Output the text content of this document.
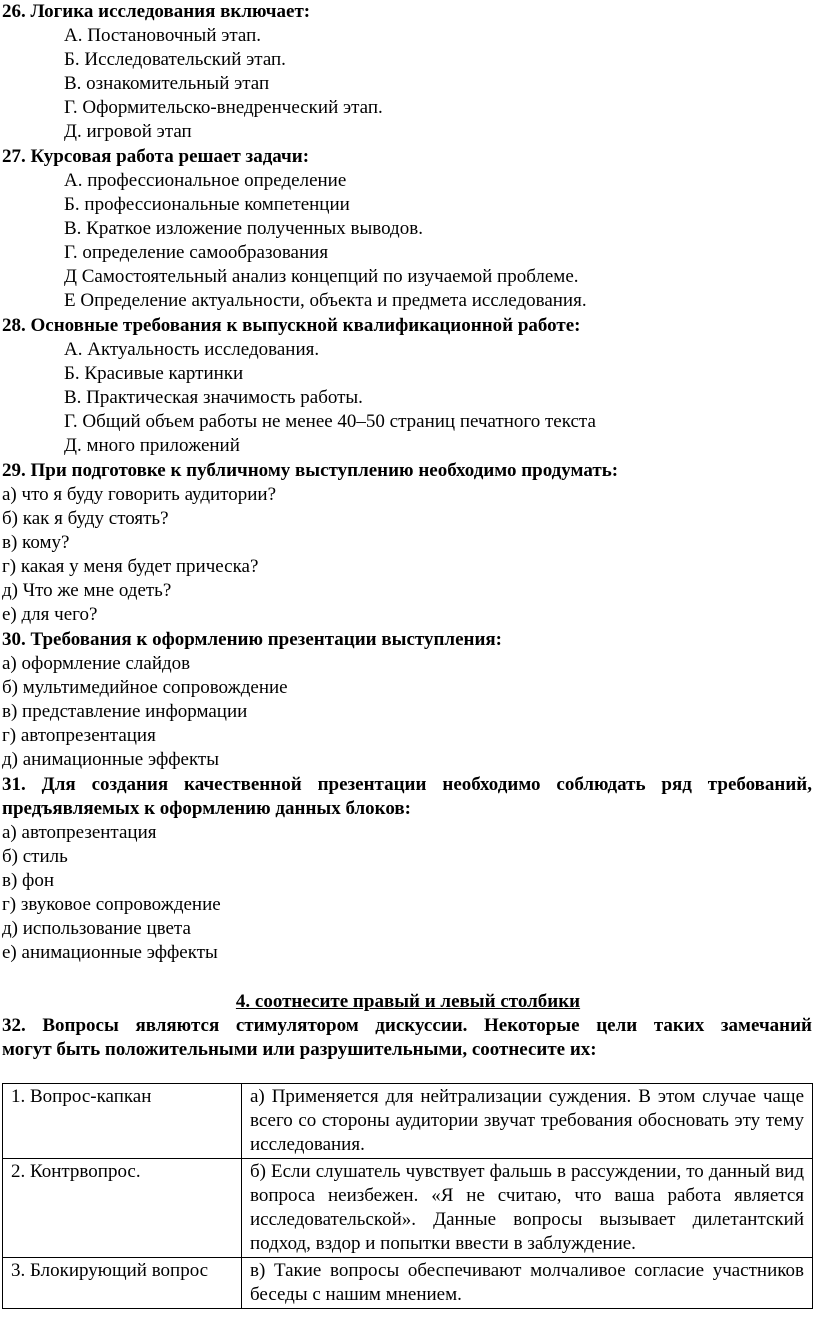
26. Логика исследования включает:
А. Постановочный этап.
Б. Исследовательский этап.
В. ознакомительный этап
Г. Оформительско-внедренческий этап.
Д. игровой этап
27. Курсовая работа решает задачи:
А. профессиональное определение
Б. профессиональные компетенции
В. Краткое изложение полученных выводов.
Г. определение самообразования
Д Самостоятельный анализ концепций по изучаемой проблеме.
Е Определение актуальности, объекта и предмета исследования.
28. Основные требования к выпускной квалификационной работе:
А. Актуальность исследования.
Б. Красивые картинки
В. Практическая значимость работы.
Г. Общий объем работы не менее 40–50 страниц печатного текста
Д. много приложений
29. При подготовке к публичному выступлению необходимо продумать:
а) что я буду говорить аудитории?
б) как я буду стоять?
в) кому?
г) какая у меня будет прическа?
д) Что же мне одеть?
е) для чего?
30. Требования к оформлению презентации выступления:
а) оформление слайдов
б) мультимедийное сопровождение
в) представление информации
г) автопрезентация
д) анимационные эффекты
31. Для создания качественной презентации необходимо соблюдать ряд требований,
предъявляемых к оформлению данных блоков:
а) автопрезентация
б) стиль
в) фон
г) звуковое сопровождение
д) использование цвета
е) анимационные эффекты
4. соотнесите правый и левый столбики
32. Вопросы являются стимулятором дискуссии. Некоторые цели таких замечаний
могут быть положительными или разрушительными, соотнесите их:
1. Вопрос-капкан	а) Применяется для нейтрализации суждения. В этом случае чаще всего со стороны аудитории звучат требования обосновать эту тему исследования.
2. Контрвопрос.	б) Если слушатель чувствует фальшь в рассуждении, то данный вид вопроса неизбежен. «Я не считаю, что ваша работа является исследовательской». Данные вопросы вызывает дилетантский подход, вздор и попытки ввести в заблуждение.
3. Блокирующий вопрос	в) Такие вопросы обеспечивают молчаливое согласие участников беседы с нашим мнением.
